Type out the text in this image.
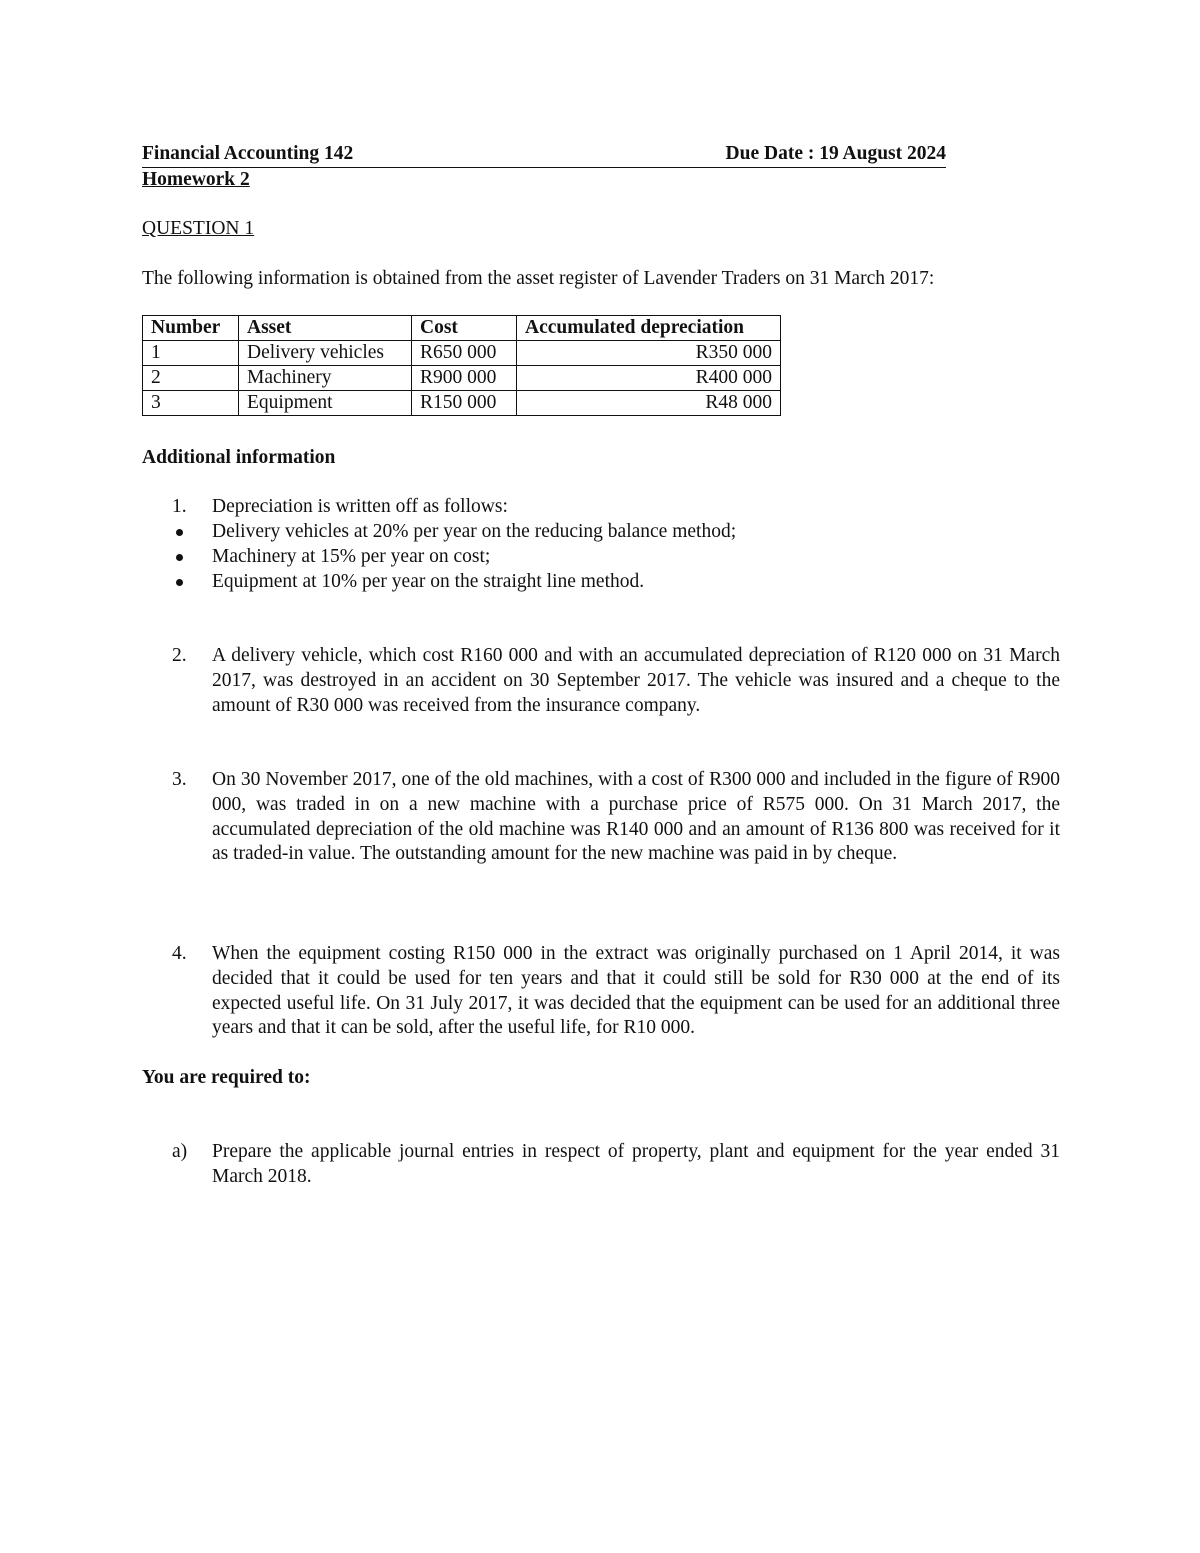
Financial Accounting 142	Due Date : 19 August 2024

Homework 2

QUESTION 1

The following information is obtained from the asset register of Lavender Traders on 31 March 2017:

Number	Asset	Cost	Accumulated depreciation
1	Delivery vehicles	R650 000	R350 000
2	Machinery	R900 000	R400 000
3	Equipment	R150 000	R48 000

Additional information

1. Depreciation is written off as follows:
Delivery vehicles at 20% per year on the reducing balance method;
Machinery at 15% per year on cost;
Equipment at 10% per year on the straight line method.
2. A delivery vehicle, which cost R160 000 and with an accumulated depreciation of R120 000 on 31 March 2017, was destroyed in an accident on 30 September 2017. The vehicle was insured and a cheque to the amount of R30 000 was received from the insurance company.
3. On 30 November 2017, one of the old machines, with a cost of R300 000 and included in the figure of R900 000, was traded in on a new machine with a purchase price of R575 000. On 31 March 2017, the accumulated depreciation of the old machine was R140 000 and an amount of R136 800 was received for it as traded-in value. The outstanding amount for the new machine was paid in by cheque.
4. When the equipment costing R150 000 in the extract was originally purchased on 1 April 2014, it was decided that it could be used for ten years and that it could still be sold for R30 000 at the end of its expected useful life. On 31 July 2017, it was decided that the equipment can be used for an additional three years and that it can be sold, after the useful life, for R10 000.

You are required to:

a) Prepare the applicable journal entries in respect of property, plant and equipment for the year ended 31 March 2018.
